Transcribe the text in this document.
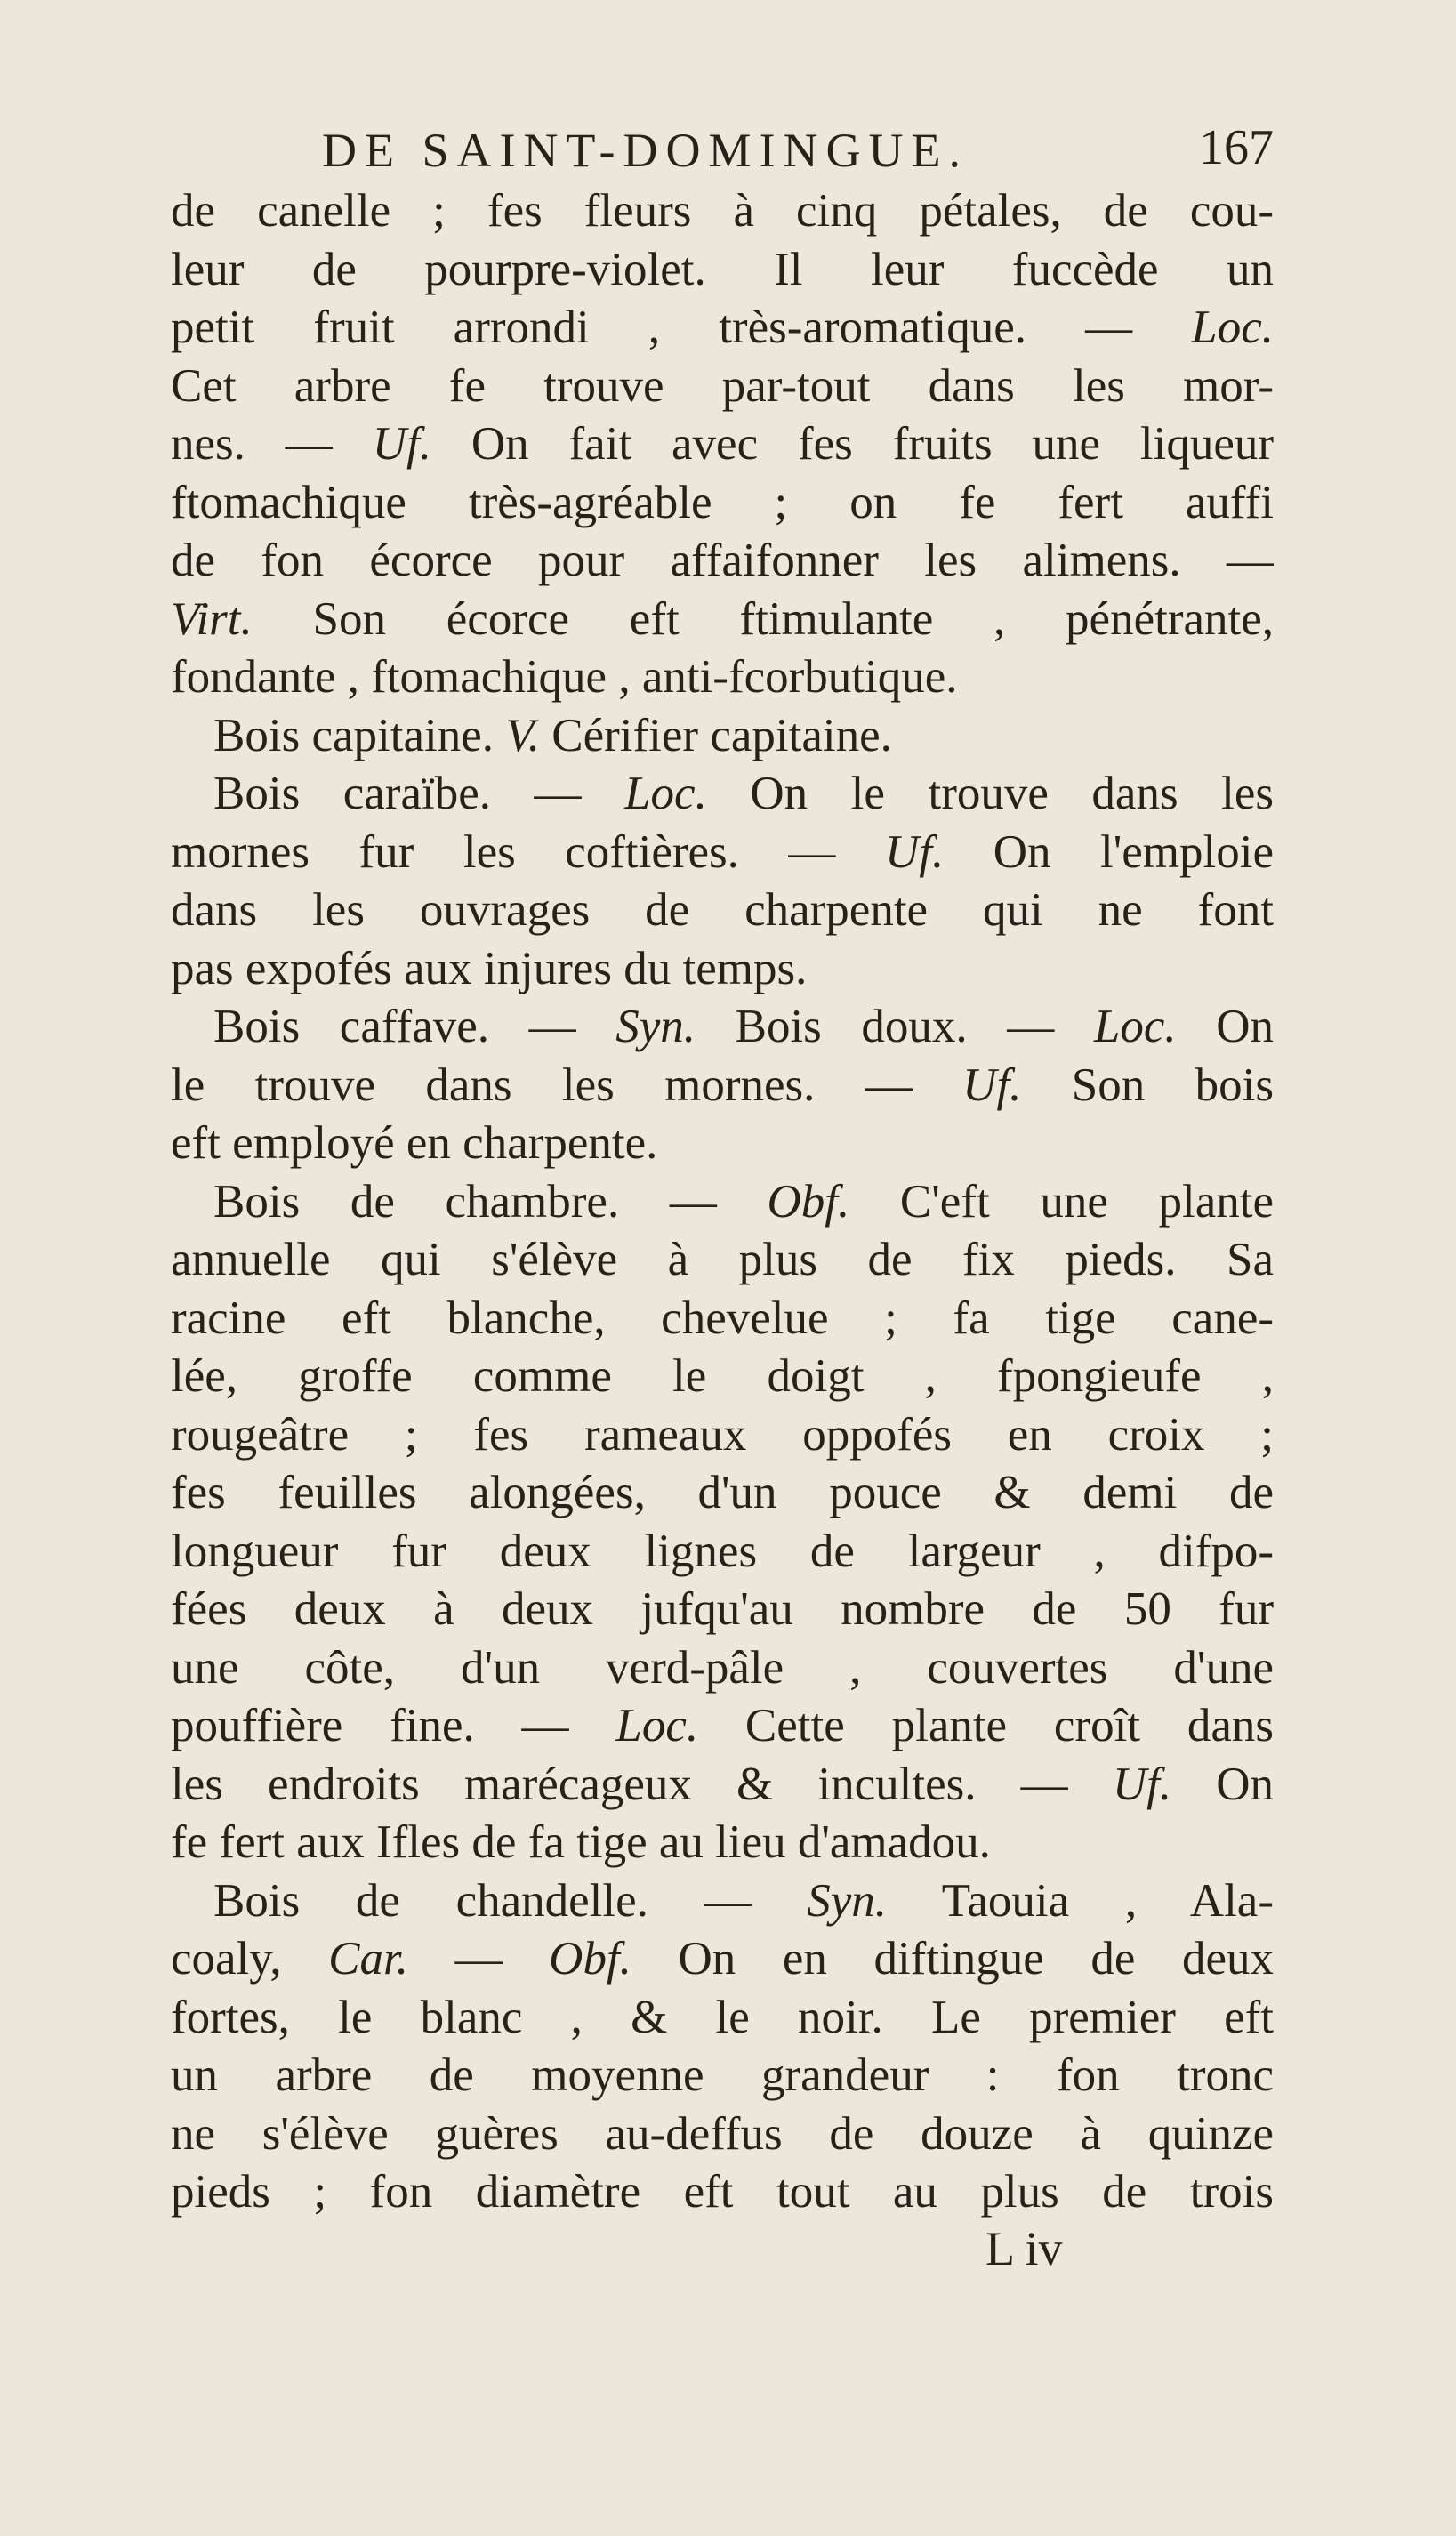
DE SAINT-DOMINGUE.	167
de canelle ; fes fleurs à cinq pétales, de cou-
leur de pourpre-violet. Il leur fuccède un
petit fruit arrondi , très-aromatique. — Loc.
Cet arbre fe trouve par-tout dans les mor-
nes. — Uf. On fait avec fes fruits une liqueur
ftomachique très-agréable ; on fe fert auffi
de fon écorce pour affaifonner les alimens. —
Virt. Son écorce eft ftimulante , pénétrante,
fondante , ftomachique , anti-fcorbutique.
Bois capitaine. V. Cérifier capitaine.
Bois caraïbe. — Loc. On le trouve dans les
mornes fur les coftières. — Uf. On l'emploie
dans les ouvrages de charpente qui ne font
pas expofés aux injures du temps.
Bois caffave. — Syn. Bois doux. — Loc. On
le trouve dans les mornes. — Uf. Son bois
eft employé en charpente.
Bois de chambre. — Obf. C'eft une plante
annuelle qui s'élève à plus de fix pieds. Sa
racine eft blanche, chevelue ; fa tige cane-
lée, groffe comme le doigt , fpongieufe ,
rougeâtre ; fes rameaux oppofés en croix ;
fes feuilles alongées, d'un pouce & demi de
longueur fur deux lignes de largeur , difpo-
fées deux à deux jufqu'au nombre de 50 fur
une côte, d'un verd-pâle , couvertes d'une
pouffière fine. — Loc. Cette plante croît dans
les endroits marécageux & incultes. — Uf. On
fe fert aux Ifles de fa tige au lieu d'amadou.
Bois de chandelle. — Syn. Taouia , Ala-
coaly, Car. — Obf. On en diftingue de deux
fortes, le blanc , & le noir. Le premier eft
un arbre de moyenne grandeur : fon tronc
ne s'élève guères au-deffus de douze à quinze
pieds ; fon diamètre eft tout au plus de trois
L iv
